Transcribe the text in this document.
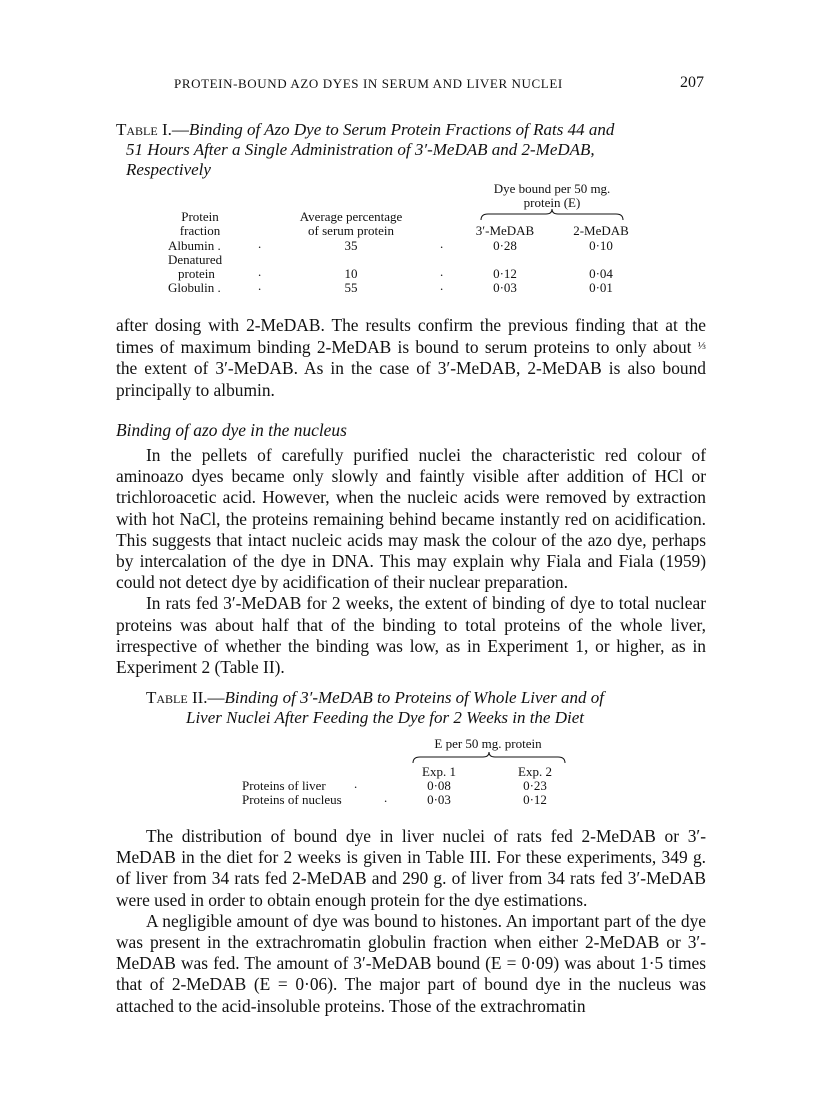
PROTEIN-BOUND AZO DYES IN SERUM AND LIVER NUCLEI	207
Table I.—Binding of Azo Dye to Serum Protein Fractions of Rats 44 and
51 Hours After a Single Administration of 3′-MeDAB and 2-MeDAB,
Respectively
Dye bound per 50 mg.
protein (E)
Protein
fraction
Average percentage
of serum protein	3′-MeDAB	2-MeDAB
Albumin .	.	35	.	0·28	0·10
Denatured
protein	.	10	.	0·12	0·04
Globulin .	.	55	.	0·03	0·01

after dosing with 2-MeDAB. The results confirm the previous finding that at the times of maximum binding 2-MeDAB is bound to serum proteins to only about $^{\frac{1}{3}}$ the extent of 3′-MeDAB. As in the case of 3′-MeDAB, 2-MeDAB is also bound principally to albumin.

Binding of azo dye in the nucleus

In the pellets of carefully purified nuclei the characteristic red colour of aminoazo dyes became only slowly and faintly visible after addition of HCl or trichloroacetic acid. However, when the nucleic acids were removed by extraction with hot NaCl, the proteins remaining behind became instantly red on acidification. This suggests that intact nucleic acids may mask the colour of the azo dye, perhaps by intercalation of the dye in DNA. This may explain why Fiala and Fiala (1959) could not detect dye by acidification of their nuclear preparation.

In rats fed 3′-MeDAB for 2 weeks, the extent of binding of dye to total nuclear proteins was about half that of the binding to total proteins of the whole liver, irrespective of whether the binding was low, as in Experiment 1, or higher, as in Experiment 2 (Table II).

Table II.—Binding of 3′-MeDAB to Proteins of Whole Liver and of
Liver Nuclei After Feeding the Dye for 2 Weeks in the Diet
E per 50 mg. protein
Exp. 1	Exp. 2
Proteins of liver .	0·08	0·23
Proteins of nucleus	.	0·03	0·12

The distribution of bound dye in liver nuclei of rats fed 2-MeDAB or 3′-MeDAB in the diet for 2 weeks is given in Table III. For these experiments, 349 g. of liver from 34 rats fed 2-MeDAB and 290 g. of liver from 34 rats fed 3′-MeDAB were used in order to obtain enough protein for the dye estimations.

A negligible amount of dye was bound to histones. An important part of the dye was present in the extrachromatin globulin fraction when either 2-MeDAB or 3′-MeDAB was fed. The amount of 3′-MeDAB bound (E = 0·09) was about 1·5 times that of 2-MeDAB (E = 0·06). The major part of bound dye in the nucleus was attached to the acid-insoluble proteins. Those of the extrachromatin
